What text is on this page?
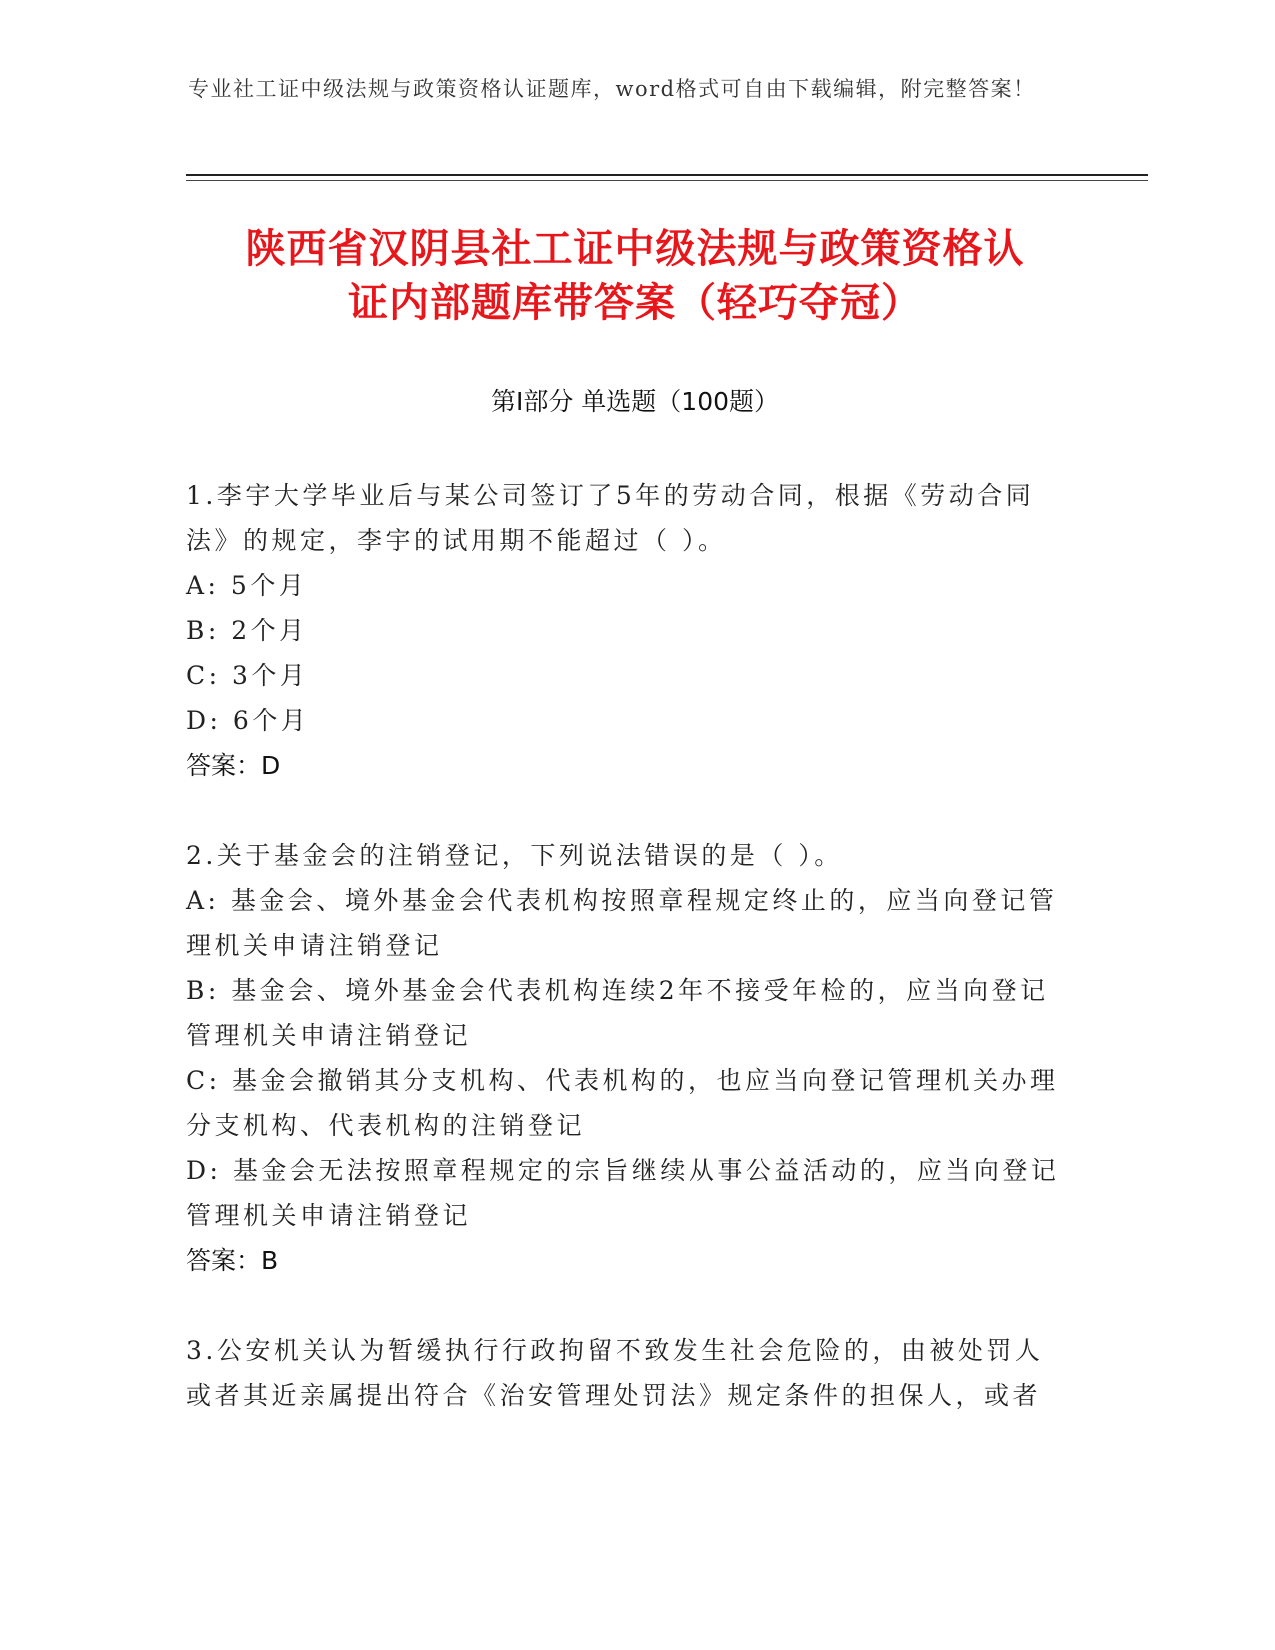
专业社工证中级法规与政策资格认证题库，word格式可自由下载编辑，附完整答案！
陕西省汉阴县社工证中级法规与政策资格认
证内部题库带答案（轻巧夺冠）
第Ⅰ部分 单选题（100题）

1.李宇大学毕业后与某公司签订了5年的劳动合同，根据《劳动合同法》的规定，李宇的试用期不能超过（ ）。

A: 5个月

B: 2个月

C: 3个月

D: 6个月

答案：D

2.关于基金会的注销登记，下列说法错误的是（ ）。

A: 基金会、境外基金会代表机构按照章程规定终止的，应当向登记管理机关申请注销登记

B: 基金会、境外基金会代表机构连续2年不接受年检的，应当向登记管理机关申请注销登记

C: 基金会撤销其分支机构、代表机构的，也应当向登记管理机关办理分支机构、代表机构的注销登记

D: 基金会无法按照章程规定的宗旨继续从事公益活动的，应当向登记管理机关申请注销登记

答案：B

3.公安机关认为暂缓执行行政拘留不致发生社会危险的，由被处罚人或者其近亲属提出符合《治安管理处罚法》规定条件的担保人，或者
